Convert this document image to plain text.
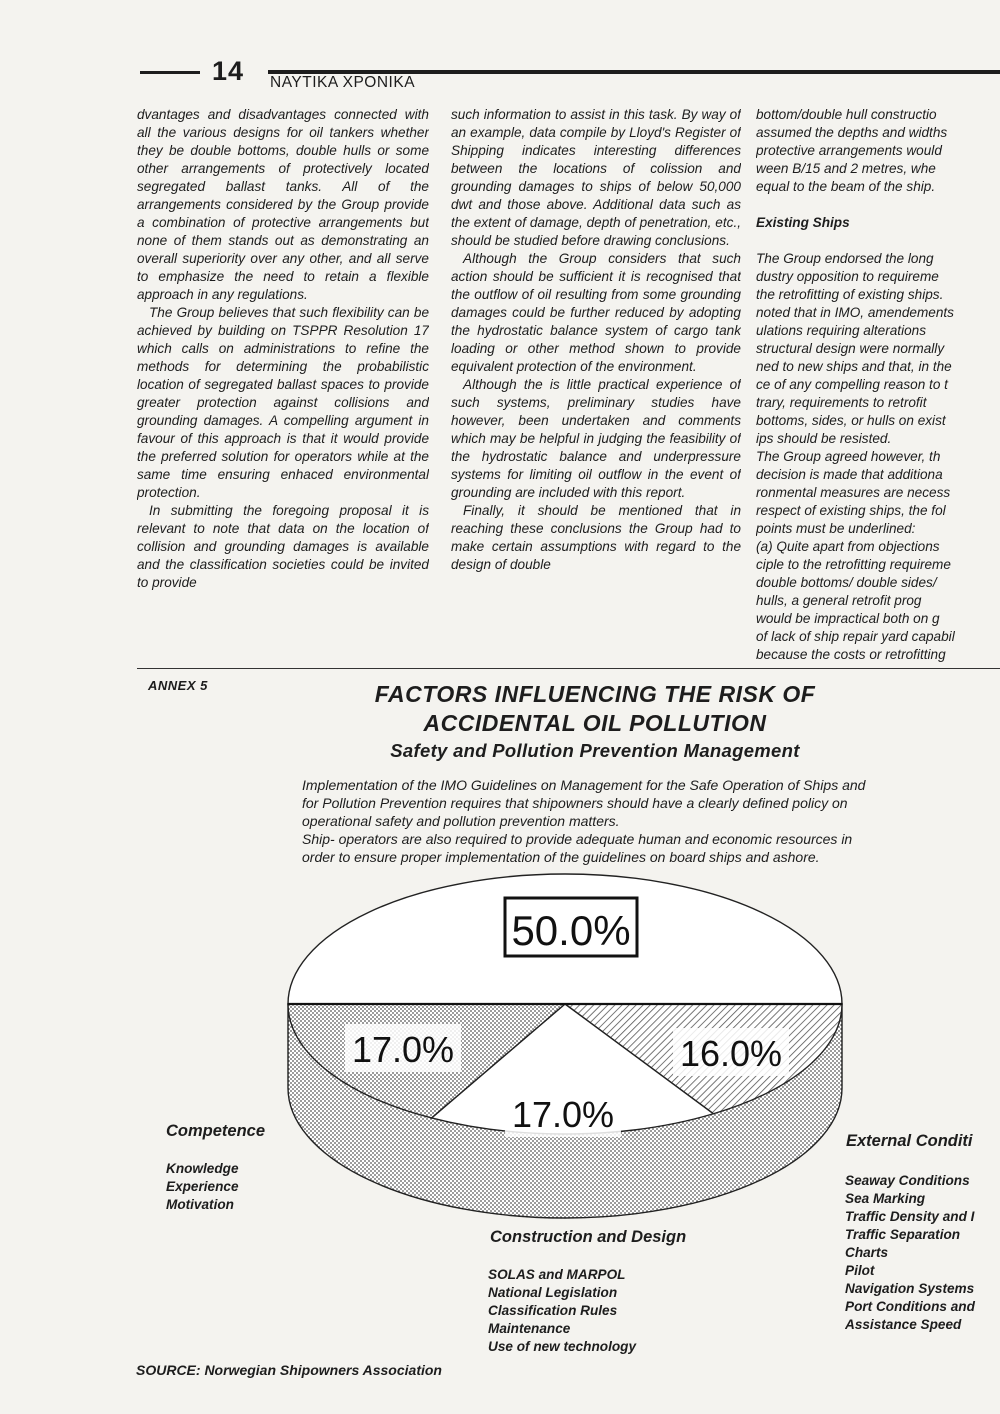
14 ΝΑΥΤΙΚΑ ΧΡΟΝΙΚΑ

dvantages and disadvantages connected with all the various designs for oil tankers whether they be double bottoms, double hulls or some other arrangements of protectively located segregated ballast tanks. All of the arrangements considered by the Group provide a combination of protective arrangements but none of them stands out as demonstrating an overall superiority over any other, and all serve to emphasize the need to retain a flexible approach in any regulations.

The Group believes that such flexibility can be achieved by building on TSPPR Resolution 17 which calls on administrations to refine the methods for determining the probabilistic location of segregated ballast spaces to provide greater protection against collisions and grounding damages. A compelling argument in favour of this approach is that it would provide the preferred solution for operators while at the same time ensuring enhaced environmental protection.

In submitting the foregoing proposal it is relevant to note that data on the location of collision and grounding damages is available and the classification societies could be invited to provide

such information to assist in this task. By way of an example, data compile by Lloyd's Register of Shipping indicates interesting differences between the locations of colission and grounding damages to ships of below 50,000 dwt and those above. Additional data such as the extent of damage, depth of penetration, etc., should be studied before drawing conclusions.

Although the Group considers that such action should be sufficient it is recognised that the outflow of oil resulting from some grounding damages could be further reduced by adopting the hydrostatic balance system of cargo tank loading or other method shown to provide equivalent protection of the environment.

Although the is little practical experience of such systems, preliminary studies have however, been undertaken and comments which may be helpful in judging the feasibility of the hydrostatic balance and underpressure systems for limiting oil outflow in the event of grounding are included with this report.

Finally, it should be mentioned that in reaching these conclusions the Group had to make certain assumptions with regard to the design of double

bottom/double hull constructio
assumed the depths and widths
protective arrangements would
ween B/15 and 2 metres, whe
equal to the beam of the ship.
Existing Ships
The Group endorsed the long
dustry opposition to requireme
the retrofitting of existing ships.
noted that in IMO, amendements
ulations requiring alterations
structural design were normally
ned to new ships and that, in the
ce of any compelling reason to t
trary, requirements to retrofit
bottoms, sides, or hulls on exist
ips should be resisted.
The Group agreed however, th
decision is made that additiona
ronmental measures are necess
respect of existing ships, the fol
points must be underlined:
(a) Quite apart from objections
ciple to the retrofitting requireme
double bottoms/ double sides/
hulls, a general retrofit prog
would be impractical both on g
of lack of ship repair yard capabil
because the costs or retrofitting
ANNEX 5	FACTORS INFLUENCING THE RISK OF
ACCIDENTAL OIL POLLUTION
Safety and Pollution Prevention Management

Implementation of the IMO Guidelines on Management for the Safe Operation of Ships and for Pollution Prevention requires that shipowners should have a clearly defined policy on operational safety and pollution prevention matters.

Ship- operators are also required to provide adequate human and economic resources in order to ensure proper implementation of the guidelines on board ships and ashore.

50.0%
16.0%
17.0%
17.0%
Competence
Knowledge
Experience
Motivation
Construction and Design
SOLAS and MARPOL
National Legislation
Classification Rules
Maintenance
Use of new technology
External Conditi
Seaway Conditions
Sea Marking
Traffic Density and I
Traffic Separation
Charts
Pilot
Navigation Systems
Port Conditions and
Assistance Speed
SOURCE: Norwegian Shipowners Association
